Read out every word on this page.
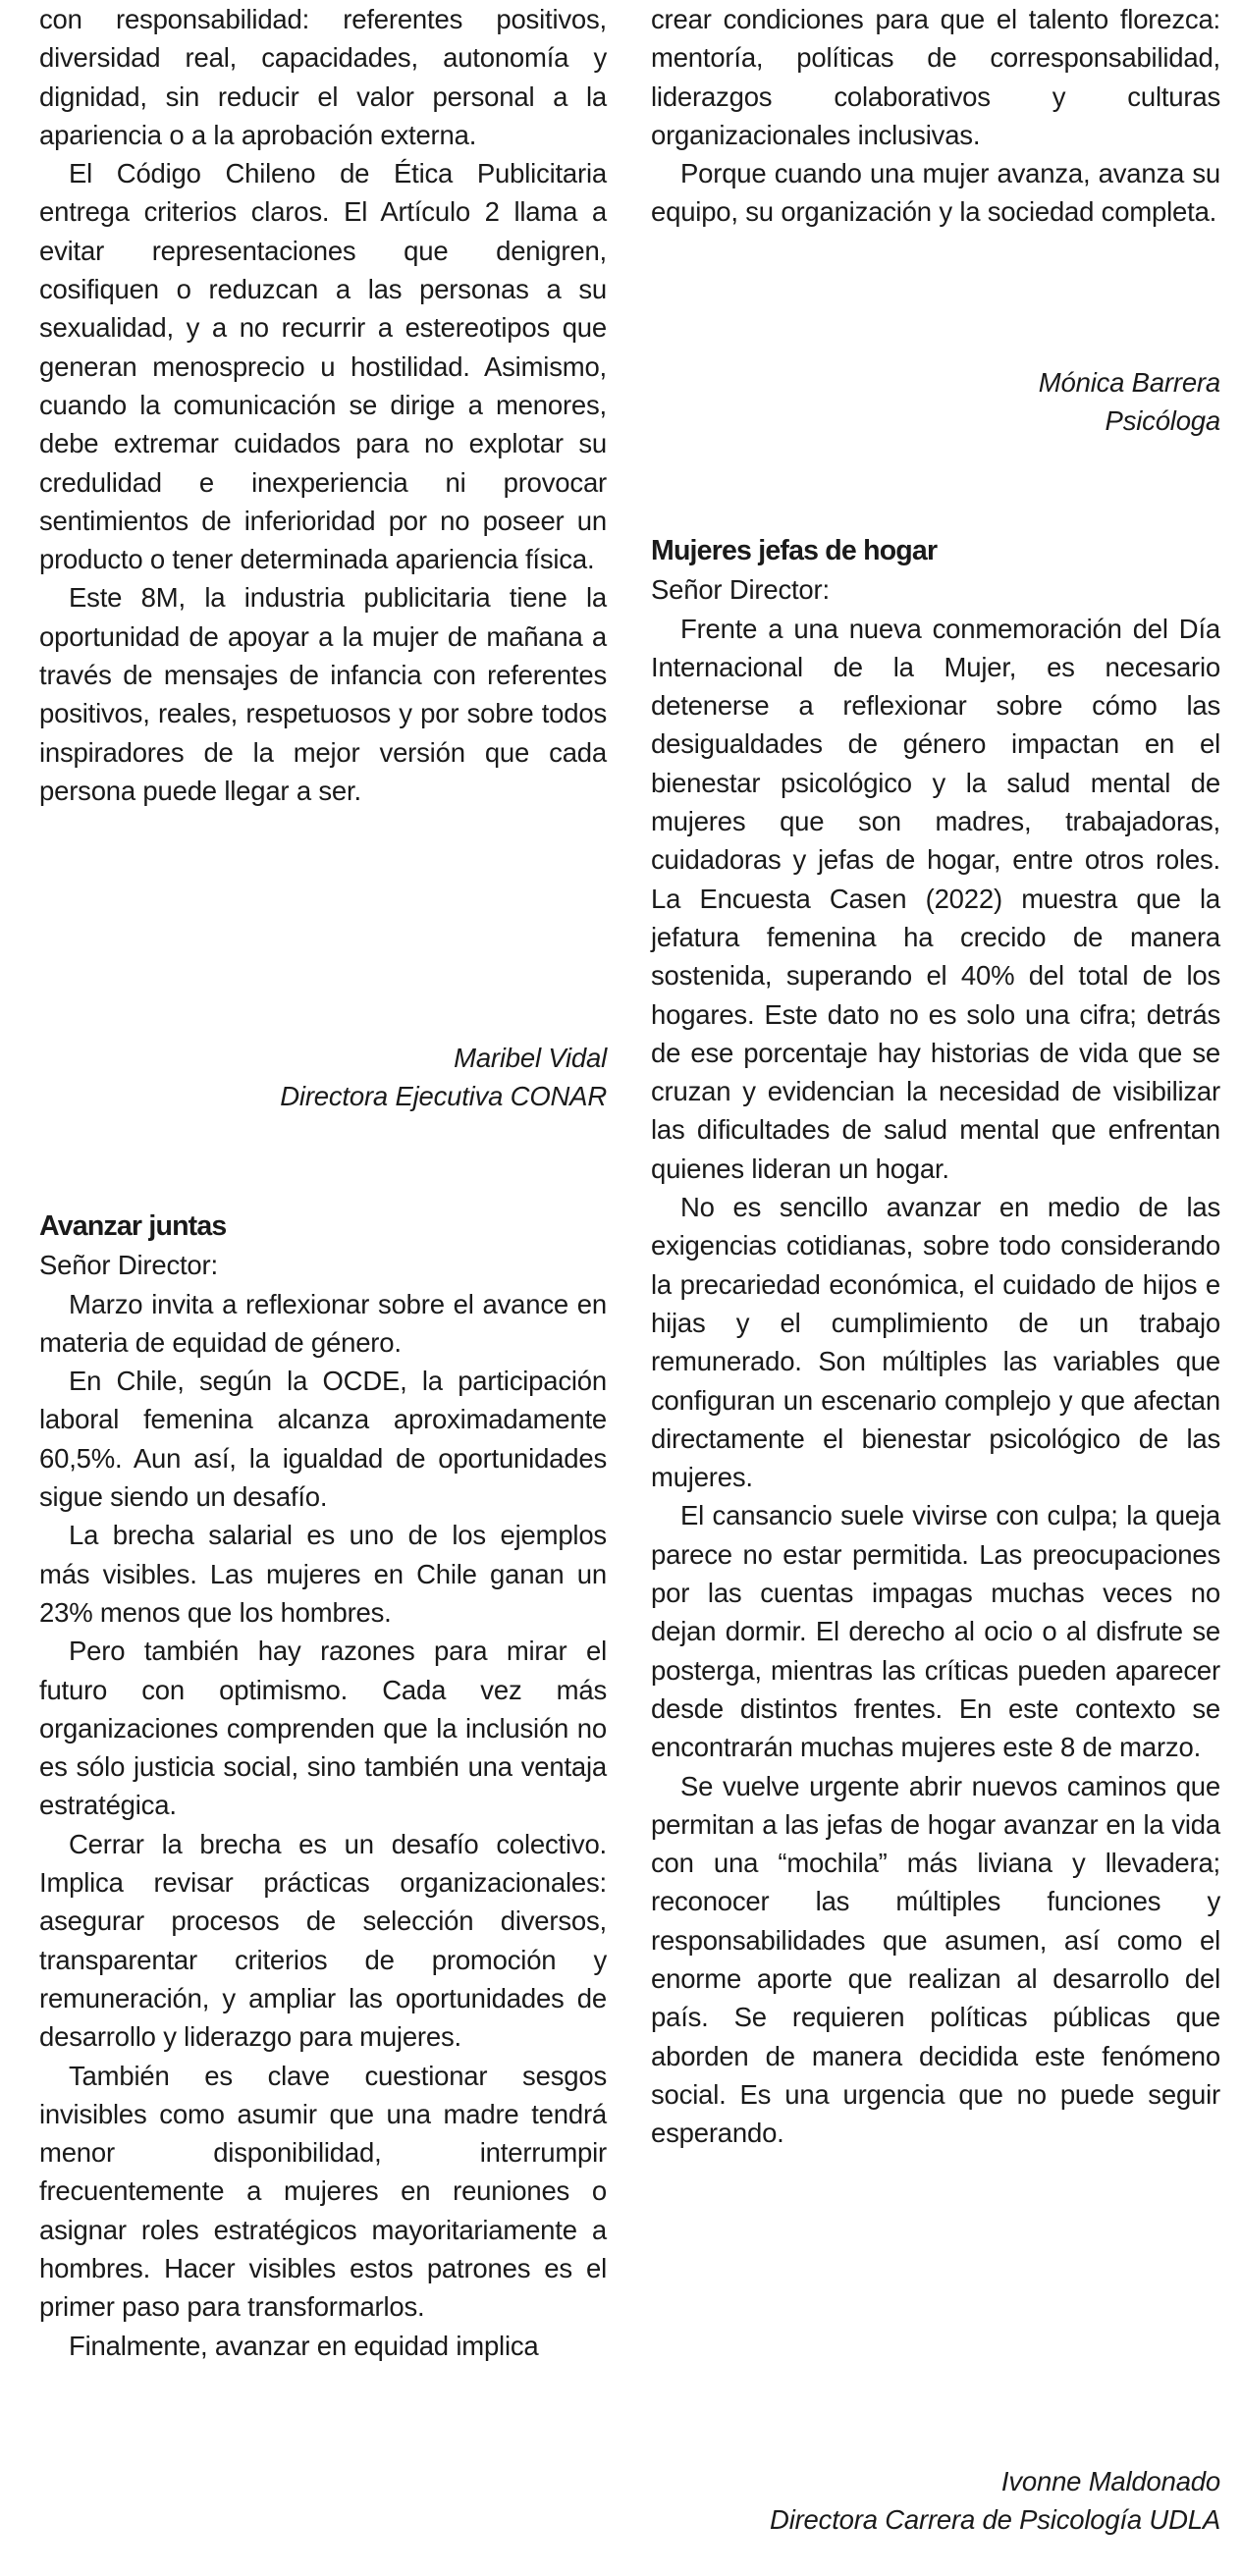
con responsabilidad: referentes positivos, diversidad real, capacidades, autonomía y dignidad, sin reducir el valor personal a la apariencia o a la aprobación externa.

El Código Chileno de Ética Publicitaria entrega criterios claros. El Artículo 2 llama a evitar representaciones que denigren, cosifiquen o reduzcan a las personas a su sexualidad, y a no recurrir a estereotipos que generan menosprecio u hostilidad. Asimismo, cuando la comunicación se dirige a menores, debe extremar cuidados para no explotar su credulidad e inexperiencia ni provocar sentimientos de inferioridad por no poseer un producto o tener determinada apariencia física.

Este 8M, la industria publicitaria tiene la oportunidad de apoyar a la mujer de mañana a través de mensajes de infancia con referentes positivos, reales, respetuosos y por sobre todos inspiradores de la mejor versión que cada persona puede llegar a ser.

Maribel Vidal
Directora Ejecutiva CONAR
Avanzar juntas

Señor Director:

Marzo invita a reflexionar sobre el avance en materia de equidad de género.

En Chile, según la OCDE, la participación laboral femenina alcanza aproximadamente 60,5%. Aun así, la igualdad de oportunidades sigue siendo un desafío.

La brecha salarial es uno de los ejemplos más visibles. Las mujeres en Chile ganan un 23% menos que los hombres.

Pero también hay razones para mirar el futuro con optimismo. Cada vez más organizaciones comprenden que la inclusión no es sólo justicia social, sino también una ventaja estratégica.

Cerrar la brecha es un desafío colectivo. Implica revisar prácticas organizacionales: asegurar procesos de selección diversos, transparentar criterios de promoción y remuneración, y ampliar las oportunidades de desarrollo y liderazgo para mujeres.

También es clave cuestionar sesgos invisibles como asumir que una madre tendrá menor disponibilidad, interrumpir frecuentemente a mujeres en reuniones o asignar roles estratégicos mayoritariamente a hombres. Hacer visibles estos patrones es el primer paso para transformarlos.

Finalmente, avanzar en equidad implica

crear condiciones para que el talento florezca: mentoría, políticas de corresponsabilidad, liderazgos colaborativos y culturas organizacionales inclusivas.

Porque cuando una mujer avanza, avanza su equipo, su organización y la sociedad completa.

Mónica Barrera
Psicóloga
Mujeres jefas de hogar

Señor Director:

Frente a una nueva conmemoración del Día Internacional de la Mujer, es necesario detenerse a reflexionar sobre cómo las desigualdades de género impactan en el bienestar psicológico y la salud mental de mujeres que son madres, trabajadoras, cuidadoras y jefas de hogar, entre otros roles. La Encuesta Casen (2022) muestra que la jefatura femenina ha crecido de manera sostenida, superando el 40% del total de los hogares. Este dato no es solo una cifra; detrás de ese porcentaje hay historias de vida que se cruzan y evidencian la necesidad de visibilizar las dificultades de salud mental que enfrentan quienes lideran un hogar.

No es sencillo avanzar en medio de las exigencias cotidianas, sobre todo considerando la precariedad económica, el cuidado de hijos e hijas y el cumplimiento de un trabajo remunerado. Son múltiples las variables que configuran un escenario complejo y que afectan directamente el bienestar psicológico de las mujeres.

El cansancio suele vivirse con culpa; la queja parece no estar permitida. Las preocupaciones por las cuentas impagas muchas veces no dejan dormir. El derecho al ocio o al disfrute se posterga, mientras las críticas pueden aparecer desde distintos frentes. En este contexto se encontrarán muchas mujeres este 8 de marzo.

Se vuelve urgente abrir nuevos caminos que permitan a las jefas de hogar avanzar en la vida con una “mochila” más liviana y llevadera; reconocer las múltiples funciones y responsabilidades que asumen, así como el enorme aporte que realizan al desarrollo del país. Se requieren políticas públicas que aborden de manera decidida este fenómeno social. Es una urgencia que no puede seguir esperando.

Ivonne Maldonado
Directora Carrera de Psicología UDLA
